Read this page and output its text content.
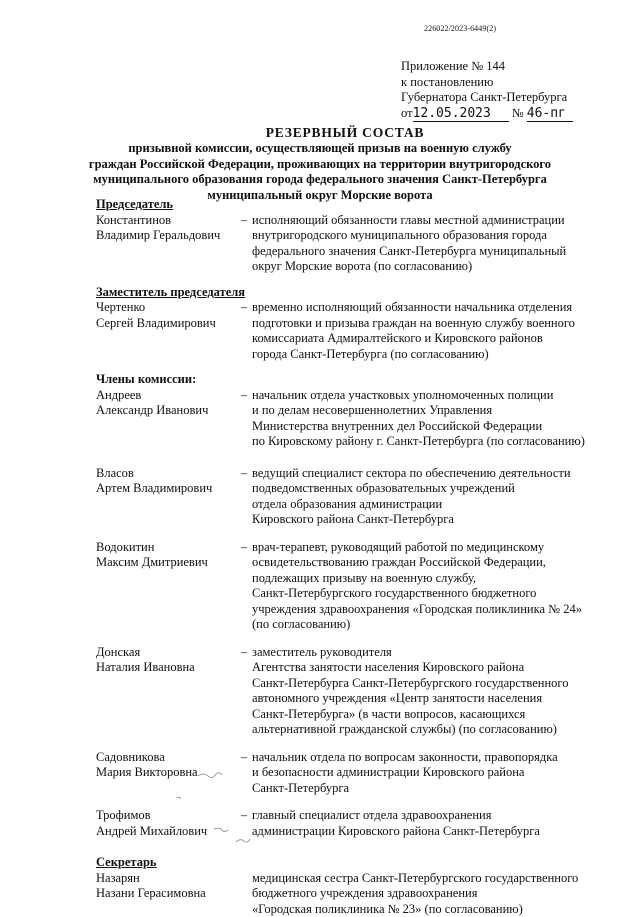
226022/2023-6449(2)
Приложение № 144
к постановлению
Губернатора Санкт-Петербурга
от12.05.2023 № 46-пг
РЕЗЕРВНЫЙ СОСТАВ
призывной комиссии, осуществляющей призыв на военную службу
граждан Российской Федерации, проживающих на территории внутригородского
муниципального образования города федерального значения Санкт-Петербурга
муниципальный округ Морские ворота
Председатель
Константинов
Владимир Геральдович
– исполняющий обязанности главы местной администрации
внутригородского муниципального образования города
федерального значения Санкт-Петербурга муниципальный
округ Морские ворота (по согласованию)
Заместитель председателя
Чертенко
Сергей Владимирович
– временно исполняющий обязанности начальника отделения
подготовки и призыва граждан на военную службу военного
комиссариата Адмиралтейского и Кировского районов
города Санкт-Петербурга (по согласованию)
Члены комиссии:
Андреев
Александр Иванович
– начальник отдела участковых уполномоченных полиции
и по делам несовершеннолетних Управления
Министерства внутренних дел Российской Федерации
по Кировскому району г. Санкт-Петербурга (по согласованию)
Власов
Артем Владимирович
– ведущий специалист сектора по обеспечению деятельности
подведомственных образовательных учреждений
отдела образования администрации
Кировского района Санкт-Петербурга
Водокитин
Максим Дмитриевич
– врач-терапевт, руководящий работой по медицинскому
освидетельствованию граждан Российской Федерации,
подлежащих призыву на военную службу,
Санкт-Петербургского государственного бюджетного
учреждения здравоохранения «Городская поликлиника № 24»
(по согласованию)
Донская
Наталия Ивановна
– заместитель руководителя
Агентства занятости населения Кировского района
Санкт-Петербурга Санкт-Петербургского государственного
автономного учреждения «Центр занятости населения
Санкт-Петербурга» (в части вопросов, касающихся
альтернативной гражданской службы) (по согласованию)
Садовникова
Мария Викторовна
– начальник отдела по вопросам законности, правопорядка
и безопасности администрации Кировского района
Санкт-Петербурга
Трофимов
Андрей Михайлович
– главный специалист отдела здравоохранения
администрации Кировского района Санкт-Петербурга
Секретарь
Назарян
Назани Герасимовна
медицинская сестра Санкт-Петербургского государственного
бюджетного учреждения здравоохранения
«Городская поликлиника № 23» (по согласованию)
